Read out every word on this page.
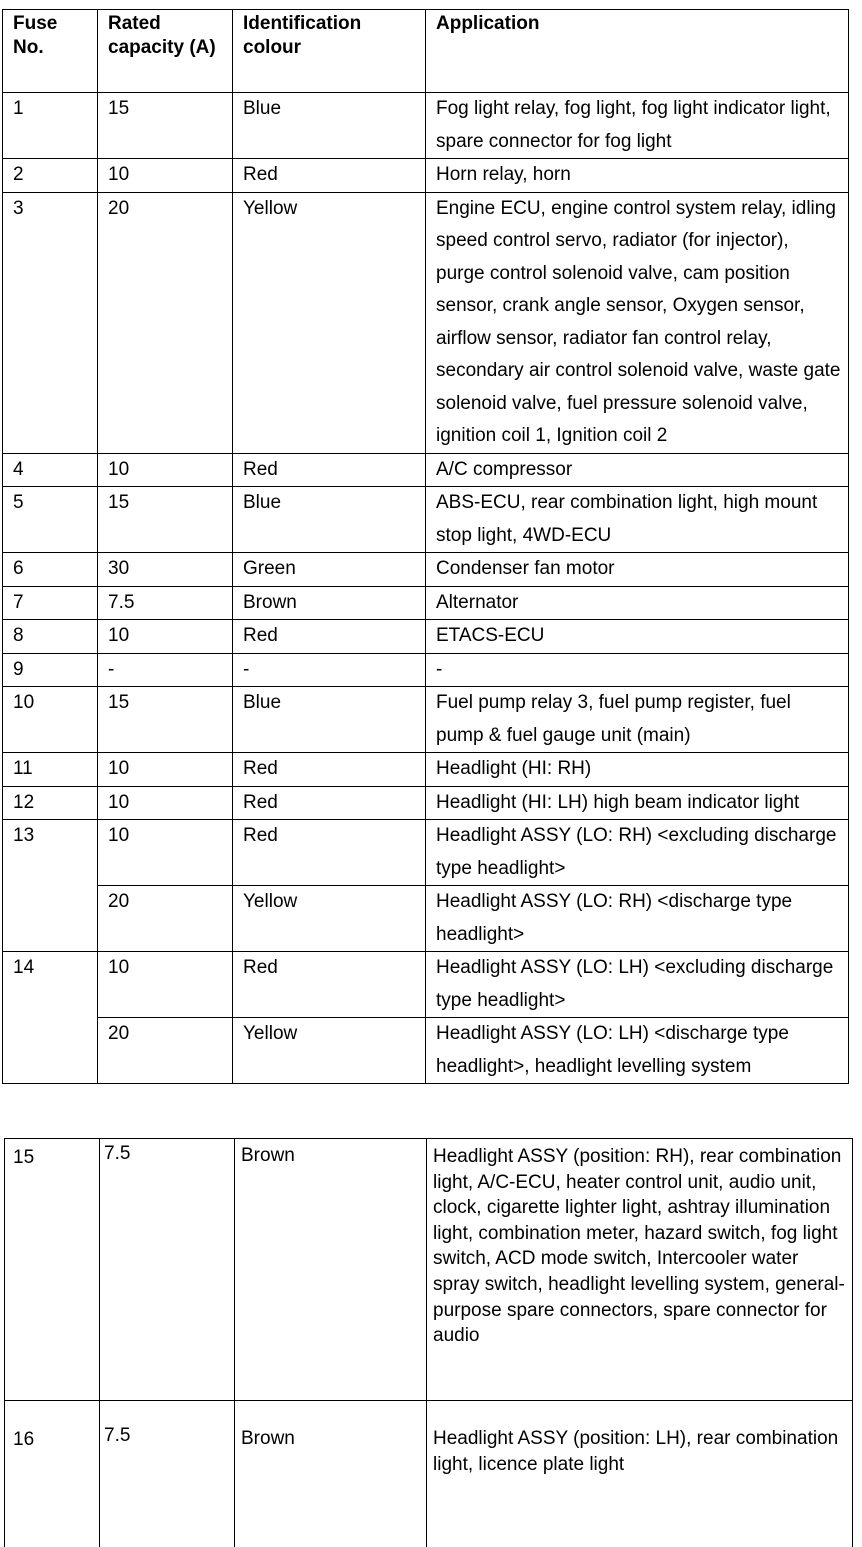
Fuse No.	Rated capacity (A)	Identification colour	Application
1	15	Blue	Fog light relay, fog light, fog light indicator light, spare connector for fog light
2	10	Red	Horn relay, horn
3	20	Yellow	Engine ECU, engine control system relay, idling speed control servo, radiator (for injector), purge control solenoid valve, cam position sensor, crank angle sensor, Oxygen sensor, airflow sensor, radiator fan control relay, secondary air control solenoid valve, waste gate solenoid valve, fuel pressure solenoid valve, ignition coil 1, Ignition coil 2
4	10	Red	A/C compressor
5	15	Blue	ABS-ECU, rear combination light, high mount stop light, 4WD-ECU
6	30	Green	Condenser fan motor
7	7.5	Brown	Alternator
8	10	Red	ETACS-ECU
9	-	-	-
10	15	Blue	Fuel pump relay 3, fuel pump register, fuel pump & fuel gauge unit (main)
11	10	Red	Headlight (HI: RH)
12	10	Red	Headlight (HI: LH) high beam indicator light
13	10	Red	Headlight ASSY (LO: RH) <excluding discharge type headlight>
	20	Yellow	Headlight ASSY (LO: RH) <discharge type headlight>
14	10	Red	Headlight ASSY (LO: LH) <excluding discharge type headlight>
	20	Yellow	Headlight ASSY (LO: LH) <discharge type headlight>, headlight levelling system
15	7.5	Brown	Headlight ASSY (position: RH), rear combination light, A/C-ECU, heater control unit, audio unit, clock, cigarette lighter light, ashtray illumination light, combination meter, hazard switch, fog light switch, ACD mode switch, Intercooler water spray switch, headlight levelling system, general-purpose spare connectors, spare connector for audio
16	7.5	Brown	Headlight ASSY (position: LH), rear combination light, licence plate light
